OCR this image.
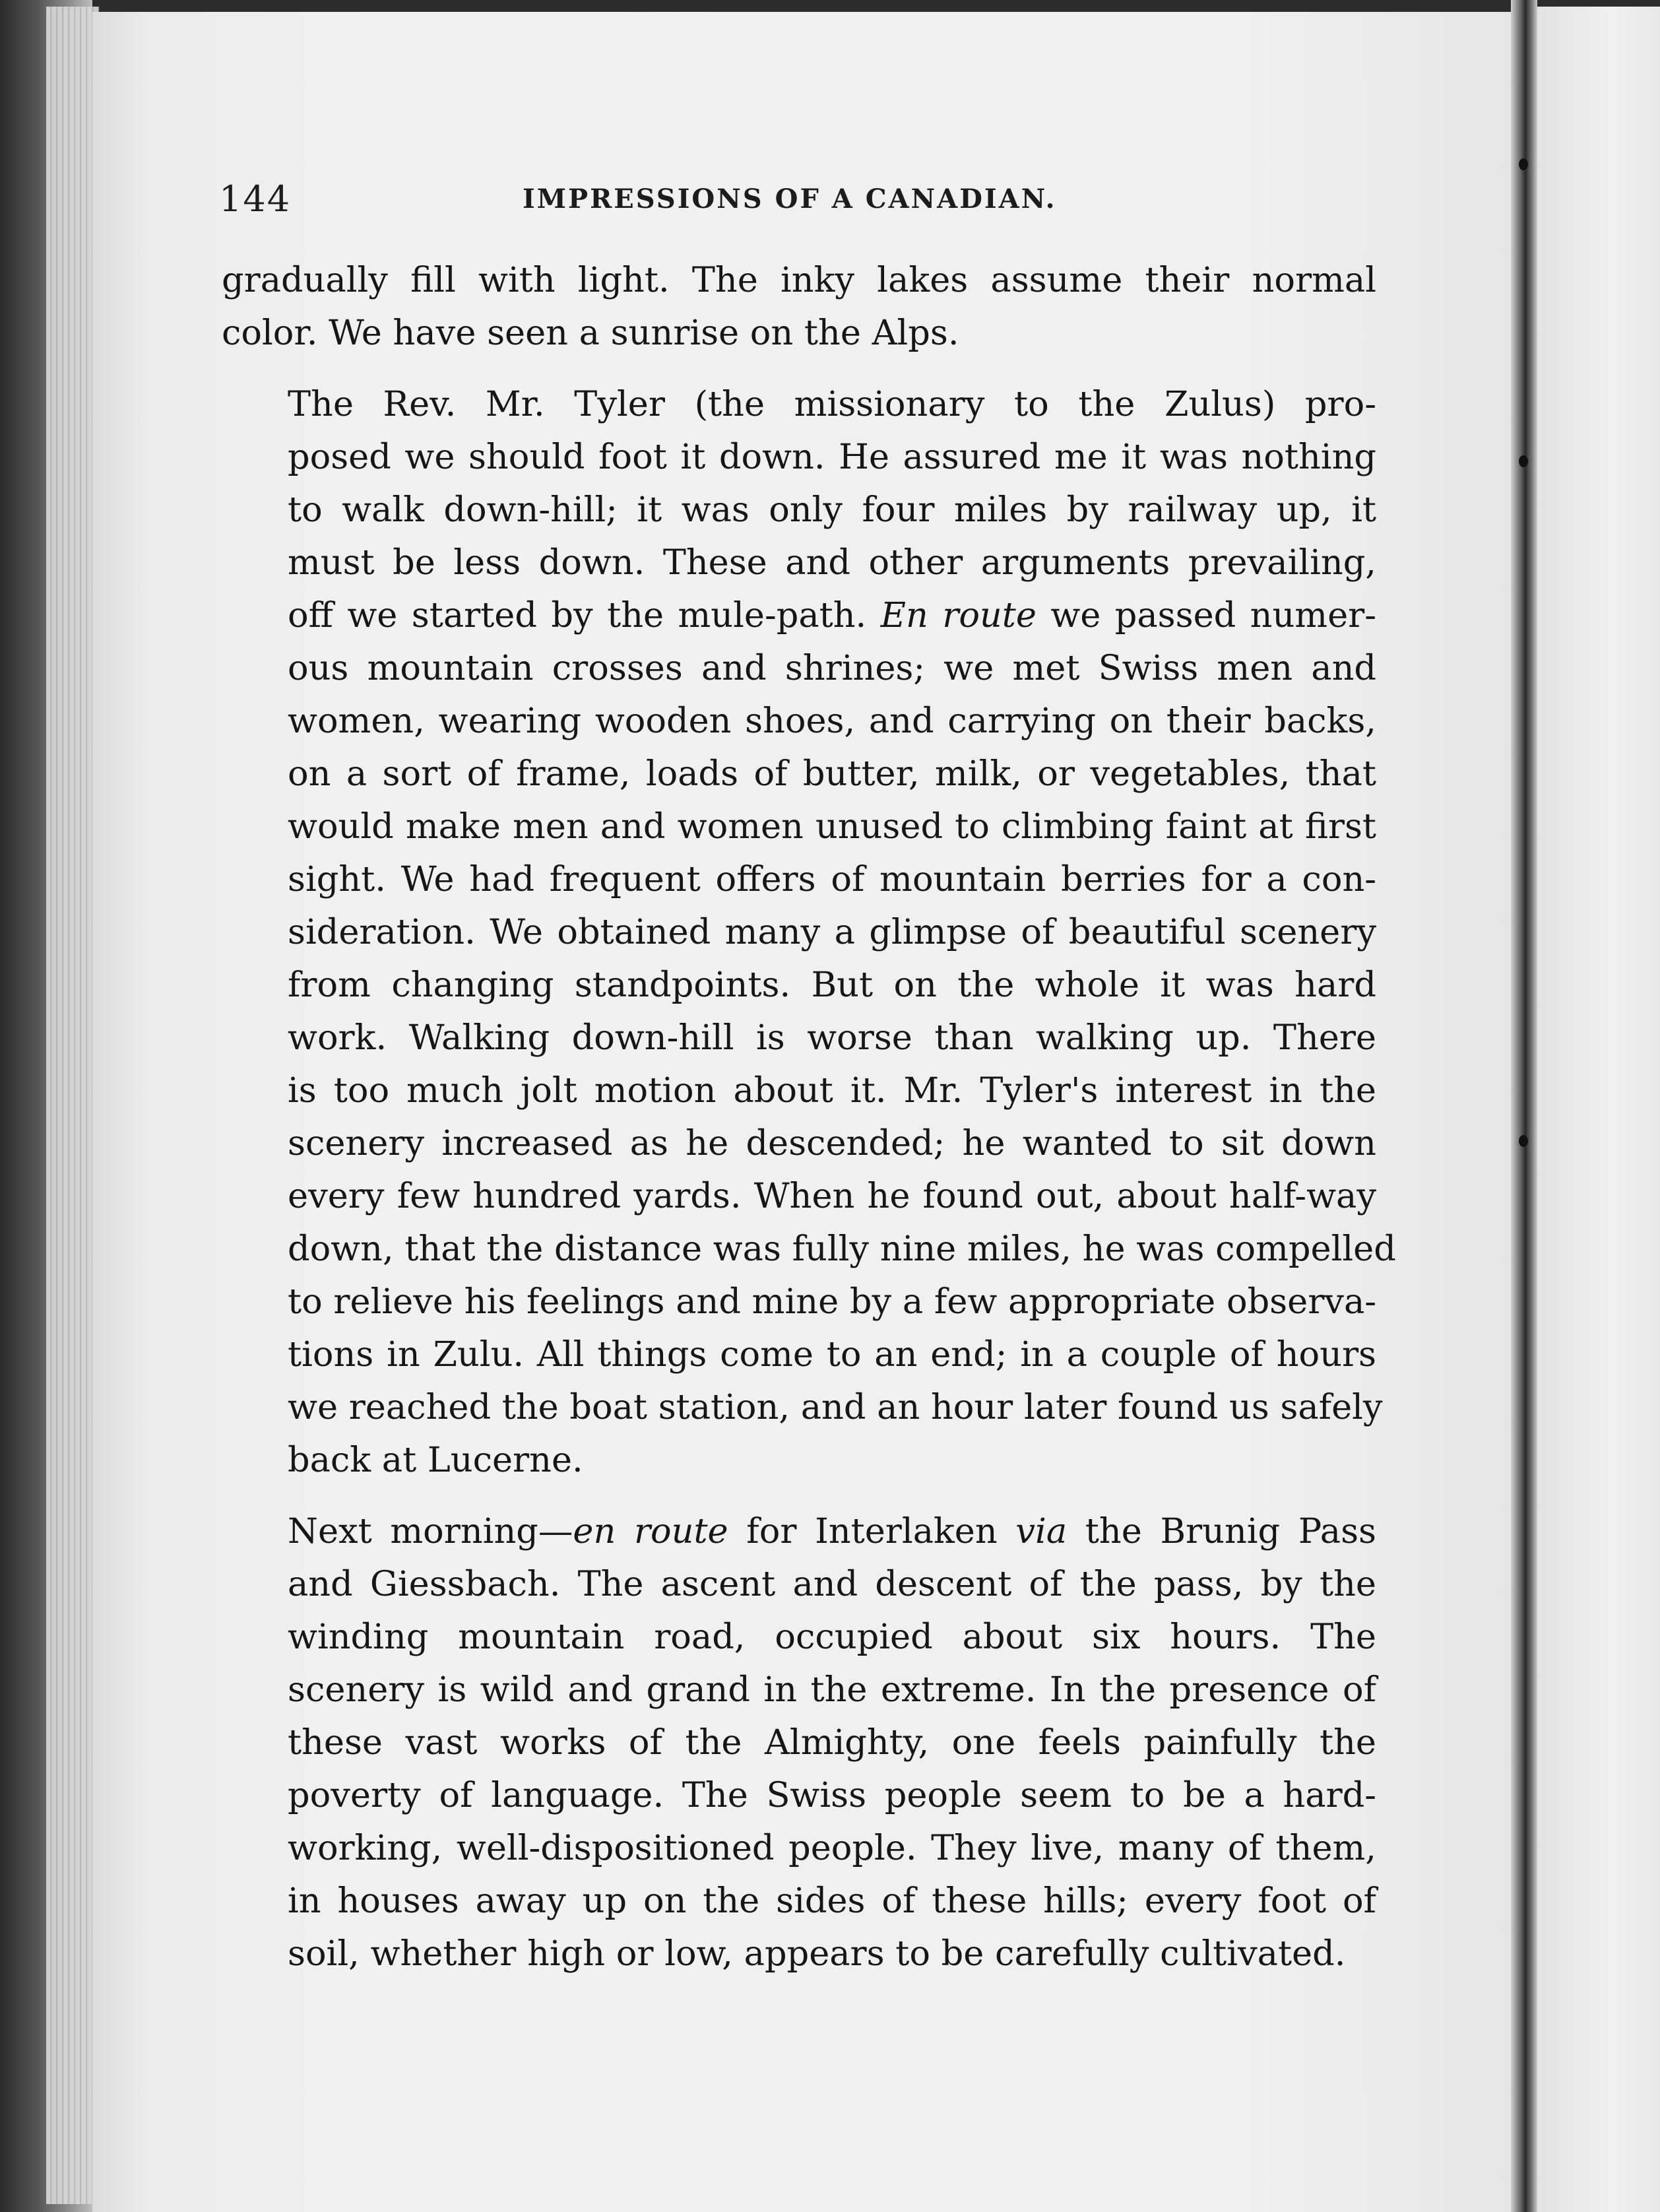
144	IMPRESSIONS OF A CANADIAN.

gradually fill with light. The inky lakes assume their normal
color. We have seen a sunrise on the Alps.

The Rev. Mr. Tyler (the missionary to the Zulus) pro-
posed we should foot it down. He assured me it was nothing
to walk down-hill; it was only four miles by railway up, it
must be less down. These and other arguments prevailing,
off we started by the mule-path. En route we passed numer-
ous mountain crosses and shrines; we met Swiss men and
women, wearing wooden shoes, and carrying on their backs,
on a sort of frame, loads of butter, milk, or vegetables, that
would make men and women unused to climbing faint at first
sight. We had frequent offers of mountain berries for a con-
sideration. We obtained many a glimpse of beautiful scenery
from changing standpoints. But on the whole it was hard
work. Walking down-hill is worse than walking up. There
is too much jolt motion about it. Mr. Tyler's interest in the
scenery increased as he descended; he wanted to sit down
every few hundred yards. When he found out, about half-way
down, that the distance was fully nine miles, he was compelled
to relieve his feelings and mine by a few appropriate observa-
tions in Zulu. All things come to an end; in a couple of hours
we reached the boat station, and an hour later found us safely
back at Lucerne.

Next morning—en route for Interlaken via the Brunig Pass
and Giessbach. The ascent and descent of the pass, by the
winding mountain road, occupied about six hours. The
scenery is wild and grand in the extreme. In the presence of
these vast works of the Almighty, one feels painfully the
poverty of language. The Swiss people seem to be a hard-
working, well-dispositioned people. They live, many of them,
in houses away up on the sides of these hills; every foot of
soil, whether high or low, appears to be carefully cultivated.
